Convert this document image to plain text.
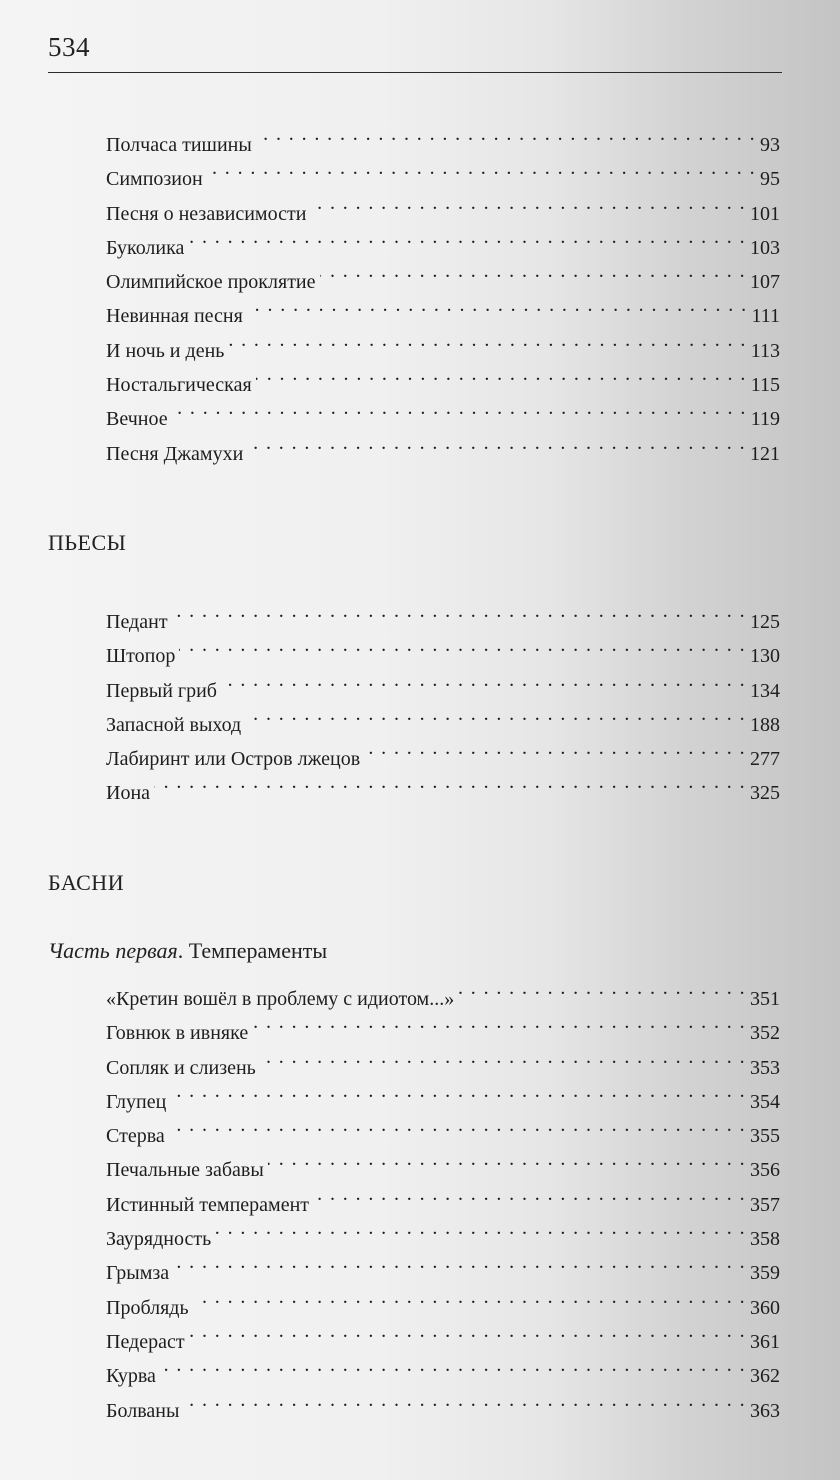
534
Полчаса тишины . . .	93
Симпозион . . .	95
Песня о независимости . . .	101
Буколика . . .	103
Олимпийское проклятие . . .	107
Невинная песня . . .	111
И ночь и день . . .	113
Ностальгическая . . .	115
Вечное . . .	119
Песня Джамухи . . .	121
ПЬЕСЫ
Педант . . .	125
Штопор . . .	130
Первый гриб . . .	134
Запасной выход . . .	188
Лабиринт или Остров лжецов . . .	277
Иона . . .	325
БАСНИ
Часть первая. Темпераменты
«Кретин вошёл в проблему с идиотом...» . . .	351
Говнюк в ивняке . . .	352
Сопляк и слизень . . .	353
Глупец . . .	354
Стерва . . .	355
Печальные забавы . . .	356
Истинный темперамент . . .	357
Заурядность . . .	358
Грымза . . .	359
Проблядь . . .	360
Педераст . . .	361
Курва . . .	362
Болваны . . .	363
